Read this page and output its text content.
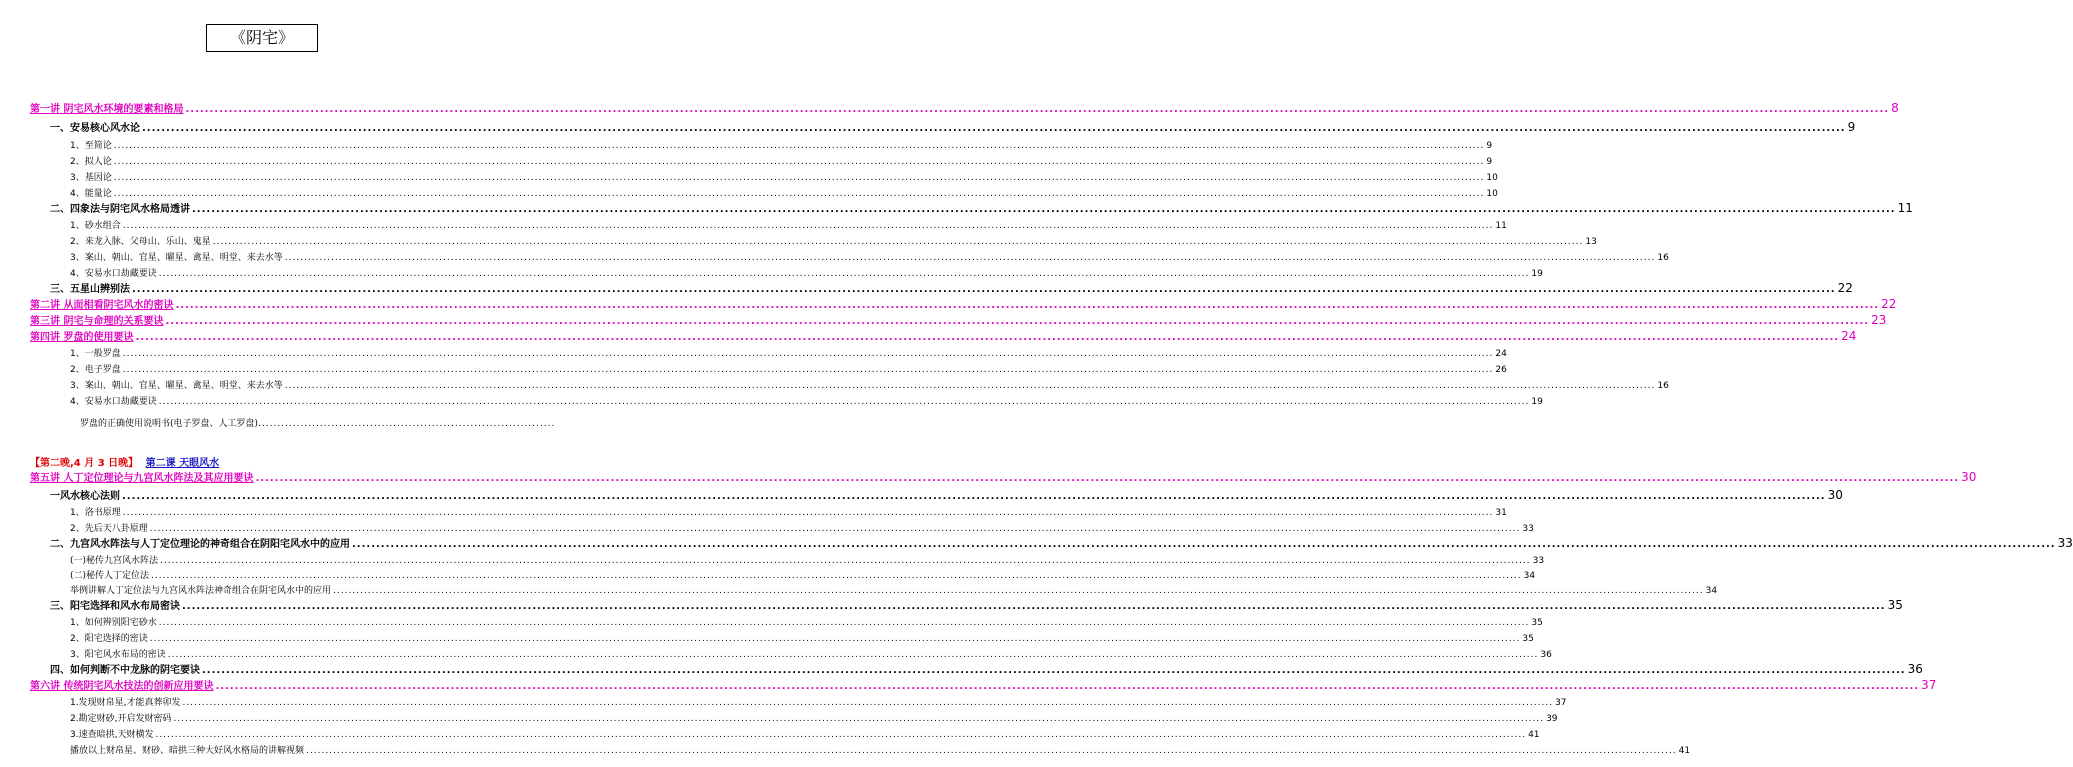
《阴宅》
第一讲 阴宅风水环境的要素和格局 .....	8
一、安易核心风水论 .....	9
1、至简论 .....	9
2、拟人论 .....	9
3、基因论 .....	10
4、能量论 .....	10
二、四象法与阴宅风水格局透讲 .....	11
1、砂水组合 .....	11
2、来龙入脉、父母山、乐山、鬼星 .....	13
3、案山、朝山、官星、曜星、禽星、明堂、来去水等 .....	16
4、安易水口劫藏要诀 .....	19
三、五星山辨别法 .....	22
第二讲 从面相看阴宅风水的密诀 .....	22
第三讲 阴宅与命理的关系要诀 .....	23
第四讲 罗盘的使用要诀 .....	24
1、一般罗盘 .....	24
2、电子罗盘 .....	26
3、案山、朝山、官星、曜星、禽星、明堂、来去水等 .....	16
4、安易水口劫藏要诀 .....	19
罗盘的正确使用说明书(电子罗盘、人工罗盘).............................................................................
【第二晚,4 月 3 日晚】 第二课 天眼风水
第五讲 人丁定位理论与九宫风水阵法及其应用要诀 .....	30
一风水核心法则 .....	30
1、洛书原理 .....	31
2、先后天八卦原理 .....	33
二、九宫风水阵法与人丁定位理论的神奇组合在阴阳宅风水中的应用 .....	33
(一)秘传九宫风水阵法 .....	33
(二)秘传人丁定位法 .....	34
举例讲解人丁定位法与九宫风水阵法神奇组合在阴宅风水中的应用 .....	34
三、阳宅选择和风水布局密诀 .....	35
1、如何辨别阳宅砂水 .....	35
2、阳宅选择的密诀 .....	35
3、阳宅风水布局的密诀 .....	36
四、如何判断不中龙脉的阴宅要诀 .....	36
第六讲 传统阴宅风水技法的创新应用要诀 .....	37
1.发现财帛星,才能真葬卯发 .....	37
2.勘定财砂,开启发财密码 .....	39
3.速查暗拱,天财横发 .....	41
播放以上财帛星、财砂、暗拱三种大好风水格局的讲解视频 .....	41
